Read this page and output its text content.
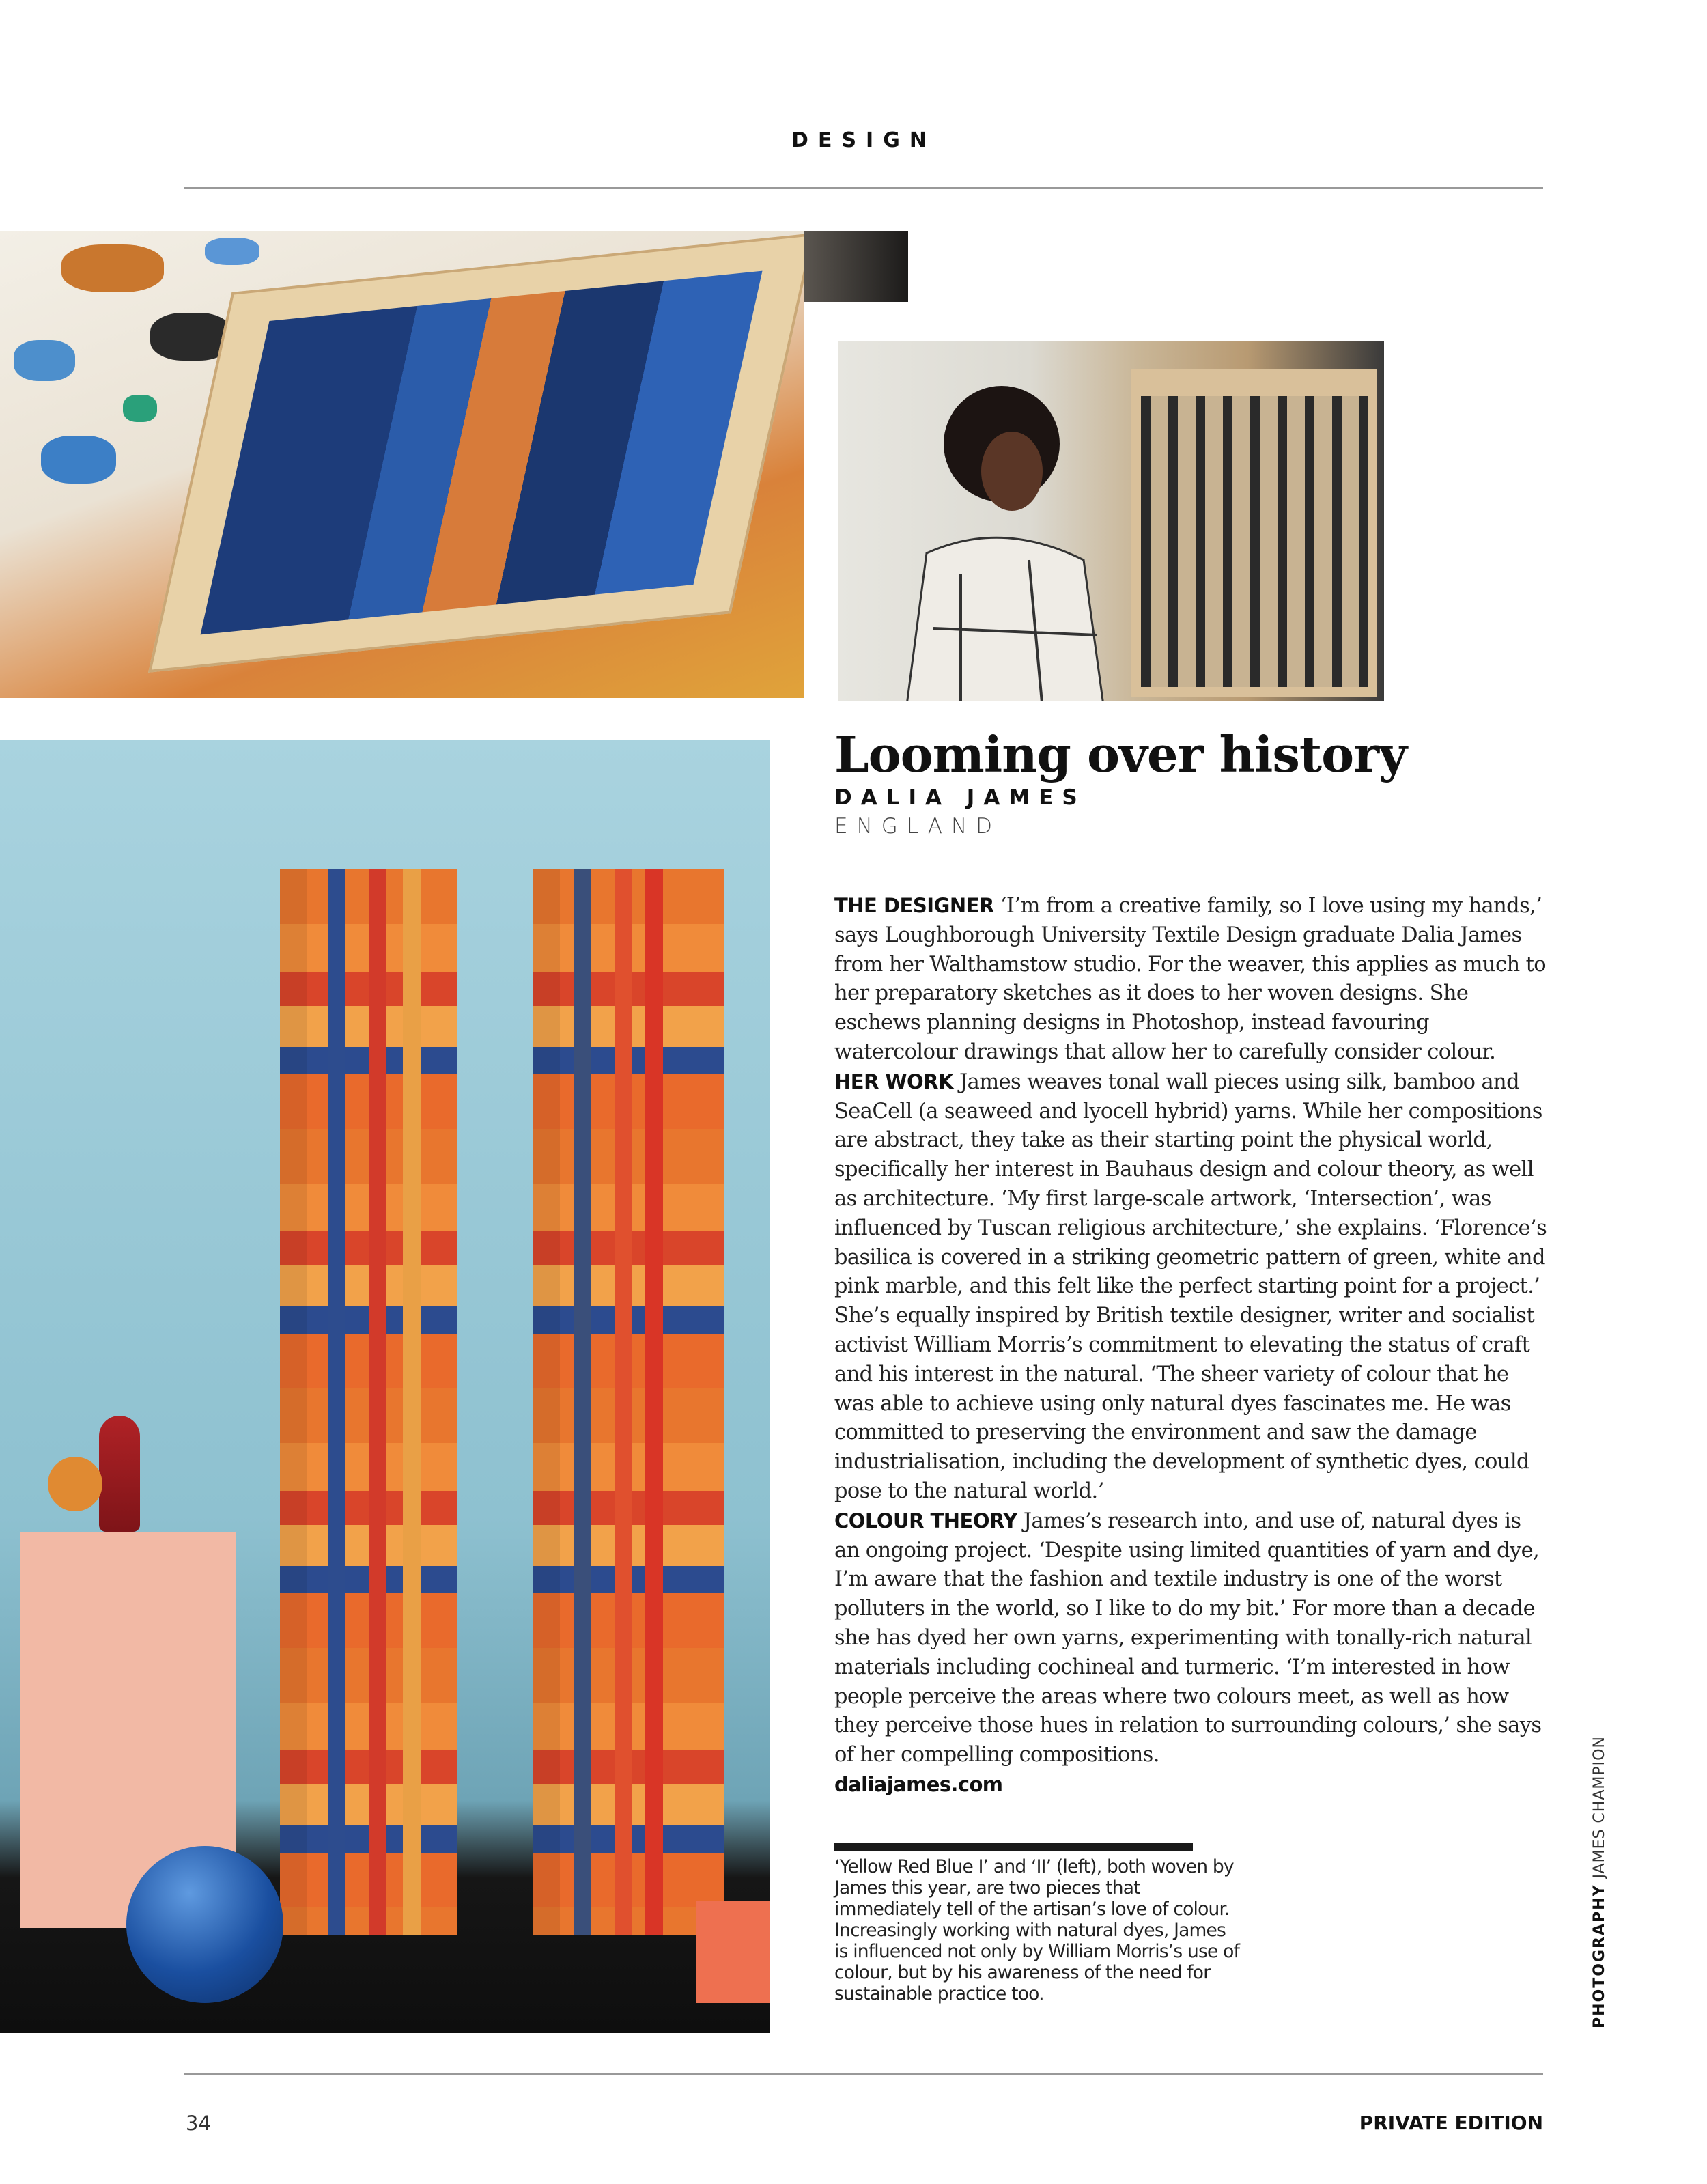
DESIGN
Looming over history
DALIA JAMES
ENGLAND

THE DESIGNER ‘I’m from a creative family, so I love using my hands,’ says Loughborough University Textile Design graduate Dalia James from her Walthamstow studio. For the weaver, this applies as much to her preparatory sketches as it does to her woven designs. She eschews planning designs in Photoshop, instead favouring watercolour drawings that allow her to carefully consider colour.

HER WORK James weaves tonal wall pieces using silk, bamboo and SeaCell (a seaweed and lyocell hybrid) yarns. While her compositions are abstract, they take as their starting point the physical world, specifically her interest in Bauhaus design and colour theory, as well as architecture. ‘My first large-scale artwork, ‘Intersection’, was influenced by Tuscan religious architecture,’ she explains. ‘Florence’s basilica is covered in a striking geometric pattern of green, white and pink marble, and this felt like the perfect starting point for a project.’ She’s equally inspired by British textile designer, writer and socialist activist William Morris’s commitment to elevating the status of craft and his interest in the natural. ‘The sheer variety of colour that he was able to achieve using only natural dyes fascinates me. He was committed to preserving the environment and saw the damage industrialisation, including the development of synthetic dyes, could pose to the natural world.’

COLOUR THEORY James’s research into, and use of, natural dyes is an ongoing project. ‘Despite using limited quantities of yarn and dye, I’m aware that the fashion and textile industry is one of the worst polluters in the world, so I like to do my bit.’ For more than a decade she has dyed her own yarns, experimenting with tonally-rich natural materials including cochineal and turmeric. ‘I’m interested in how people perceive the areas where two colours meet, as well as how they perceive those hues in relation to surrounding colours,’ she says of her compelling compositions.

daliajames.com
‘Yellow Red Blue I’ and ‘II’ (left), both woven by James this year, are two pieces that immediately tell of the artisan’s love of colour. Increasingly working with natural dyes, James is influenced not only by William Morris’s use of colour, but by his awareness of the need for sustainable practice too.	PHOTOGRAPHY JAMES CHAMPION
34	PRIVATE EDITION
